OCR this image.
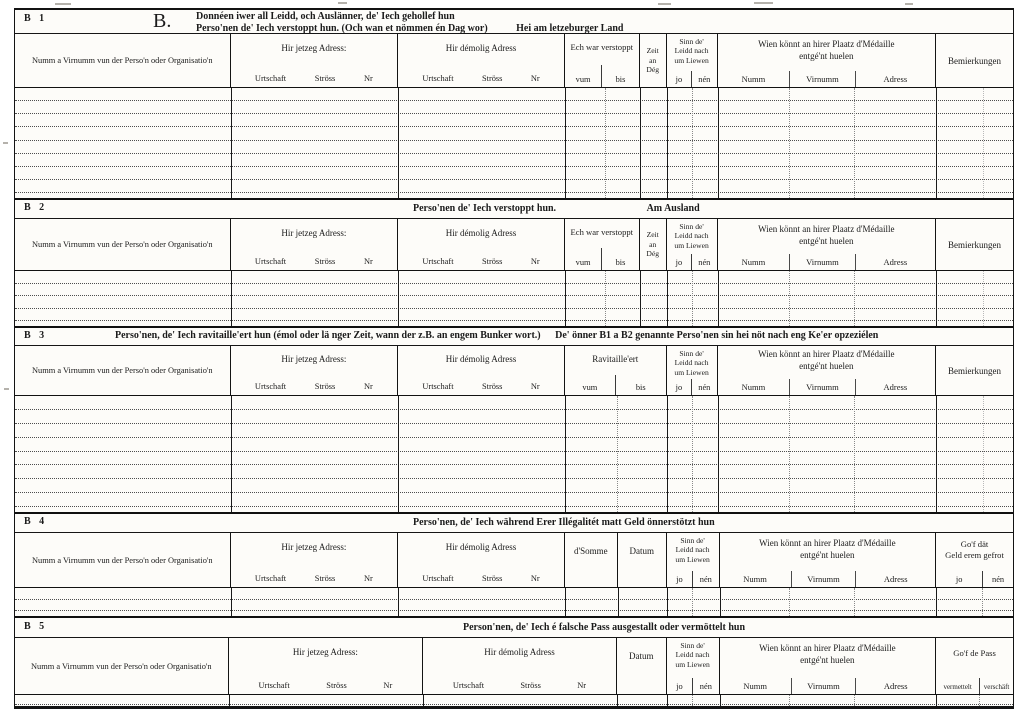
B 1	B. Donnéen iwer all Leidd, och Auslänner, de' Iech gehollef hun
Perso'nen de' Iech verstoppt hun. (Och wan et nömmen én Dag wor)	Hei am letzeburger Land
Numm a Virnumm vun der Perso'n oder Organisatio'n
Hir jetzeg Adress:
Urtschaft	Ströss	Nr
Hir démolig Adress
Urtschaft	Ströss	Nr
Ech war verstoppt
vum	bis
Zeit
an
Dég
Sinn de'
Leidd nach
um Liewen
jo	nén
Wien könnt an hirer Plaatz d'Médaille
entgé'nt huelen
Numm	Virnumm	Adress
Bemierkungen
B 2	Perso'nen de' Iech verstoppt hun.	Am Ausland
Numm a Virnumm vun der Perso'n oder Organisatio'n
Hir jetzeg Adress:
Urtschaft	Ströss	Nr
Hir démolig Adress
Urtschaft	Ströss	Nr
Ech war verstoppt
vum	bis
Zeit
an
Dég
Sinn de'
Leidd nach
um Liewen
jo	nén
Wien könnt an hirer Plaatz d'Médaille
entgé'nt huelen
Numm	Virnumm	Adress
Bemierkungen
B 3	Perso'nen, de' Iech ravitaille'ert hun (émol oder lä nger Zeit, wann der z.B. an engem Bunker wort.) De' önner B1 a B2 genannte Perso'nen sin hei nöt nach eng Ke'er opzeziélen
Numm a Virnumm vun der Perso'n oder Organisatio'n
Hir jetzeg Adress:
Urtschaft	Ströss	Nr
Hir démolig Adress
Urtschaft	Ströss	Nr
Ravitaille'ert
vum	bis
Sinn de'
Leidd nach
um Liewen
jo	nén
Wien könnt an hirer Plaatz d'Médaille
entgé'nt huelen
Numm	Virnumm	Adress
Bemierkungen
B 4	Perso'nen, de' Iech während Erer Illégalitét matt Geld önnerstötzt hun
Numm a Virnumm vun der Perso'n oder Organisatio'n
Hir jetzeg Adress:
Urtschaft	Ströss	Nr
Hir démolig Adress
Urtschaft	Ströss	Nr
d'Somme	Datum
Sinn de'
Leidd nach
um Liewen
jo	nén
Wien könnt an hirer Plaatz d'Médaille
entgé'nt huelen
Numm	Virnumm	Adress
Go'f dät
Geld erem gefrot
jo	nén
B 5	Person'nen, de' Iech é falsche Pass ausgestallt oder vermöttelt hun
Numm a Virnumm vun der Perso'n oder Organisatio'n
Hir jetzeg Adress:
Urtschaft	Ströss	Nr
Hir démolig Adress
Urtschaft	Ströss	Nr
Datum
Sinn de'
Leidd nach
um Liewen
jo	nén
Wien könnt an hirer Plaatz d'Médaille
entgé'nt huelen
Numm	Virnumm	Adress
Go'f de Pass
vermettelt	verschäft
